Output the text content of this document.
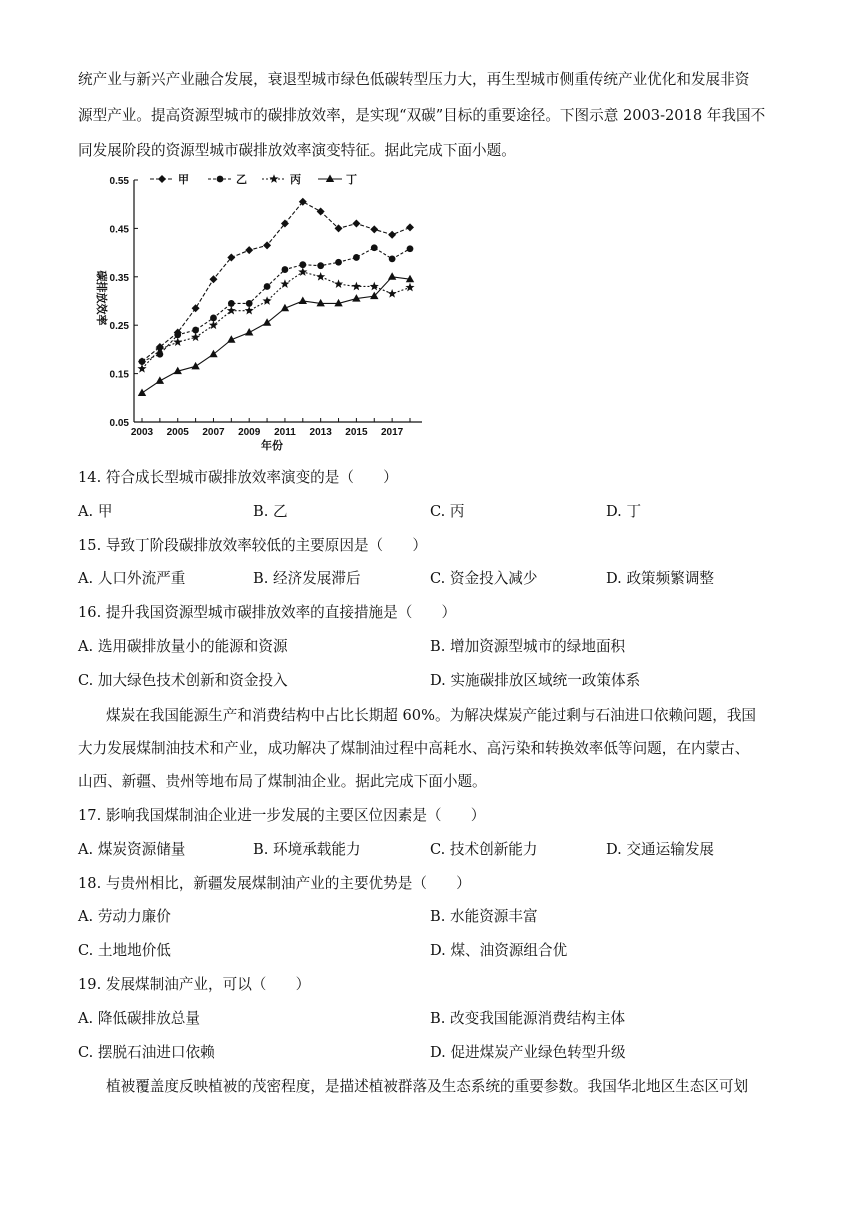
统产业与新兴产业融合发展，衰退型城市绿色低碳转型压力大，再生型城市侧重传统产业优化和发展非资
源型产业。提高资源型城市的碳排放效率，是实现“双碳”目标的重要途径。下图示意 2003-2018 年我国不
同发展阶段的资源型城市碳排放效率演变特征。据此完成下面小题。
0.55
0.45
0.35
0.25
0.15
0.05
2003 2005 2007 2009 2011 2013 2015 2017
甲	乙	丙	丁
碳排放效率
年份
14. 符合成长型城市碳排放效率演变的是（　　）
A. 甲	B. 乙	C. 丙	D. 丁
15. 导致丁阶段碳排放效率较低的主要原因是（　　）
A. 人口外流严重	B. 经济发展滞后	C. 资金投入减少	D. 政策频繁调整
16. 提升我国资源型城市碳排放效率的直接措施是（　　）
A. 选用碳排放量小的能源和资源	B. 增加资源型城市的绿地面积
C. 加大绿色技术创新和资金投入	D. 实施碳排放区域统一政策体系
煤炭在我国能源生产和消费结构中占比长期超 60%。为解决煤炭产能过剩与石油进口依赖问题，我国
大力发展煤制油技术和产业，成功解决了煤制油过程中高耗水、高污染和转换效率低等问题，在内蒙古、
山西、新疆、贵州等地布局了煤制油企业。据此完成下面小题。
17. 影响我国煤制油企业进一步发展的主要区位因素是（　　）
A. 煤炭资源储量	B. 环境承载能力	C. 技术创新能力	D. 交通运输发展
18. 与贵州相比，新疆发展煤制油产业的主要优势是（　　）
A. 劳动力廉价	B. 水能资源丰富
C. 土地地价低	D. 煤、油资源组合优
19. 发展煤制油产业，可以（　　）
A. 降低碳排放总量	B. 改变我国能源消费结构主体
C. 摆脱石油进口依赖	D. 促进煤炭产业绿色转型升级
植被覆盖度反映植被的茂密程度，是描述植被群落及生态系统的重要参数。我国华北地区生态区可划
